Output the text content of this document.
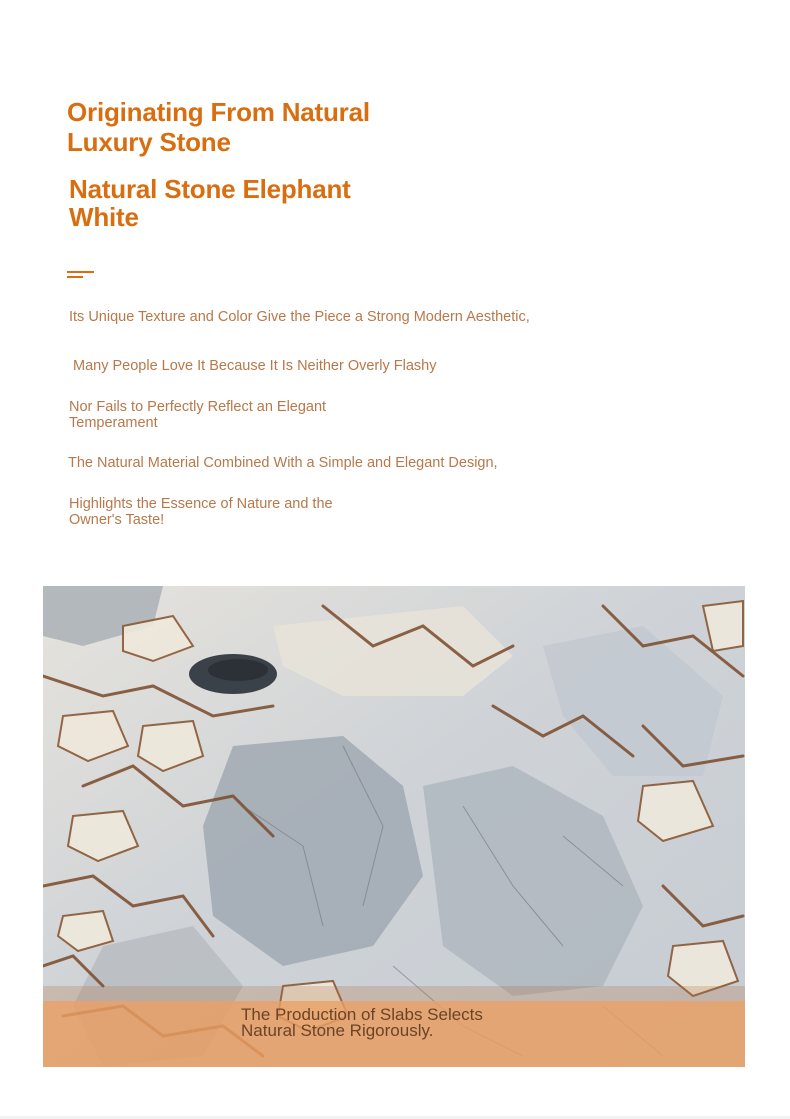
Originating From Natural Luxury Stone
Natural Stone Elephant White

Its Unique Texture and Color Give the Piece a Strong Modern Aesthetic,

Many People Love It Because It Is Neither Overly Flashy

Nor Fails to Perfectly Reflect an Elegant Temperament

The Natural Material Combined With a Simple and Elegant Design,

Highlights the Essence of Nature and the Owner's Taste!

The Production of Slabs Selects Natural Stone Rigorously.
